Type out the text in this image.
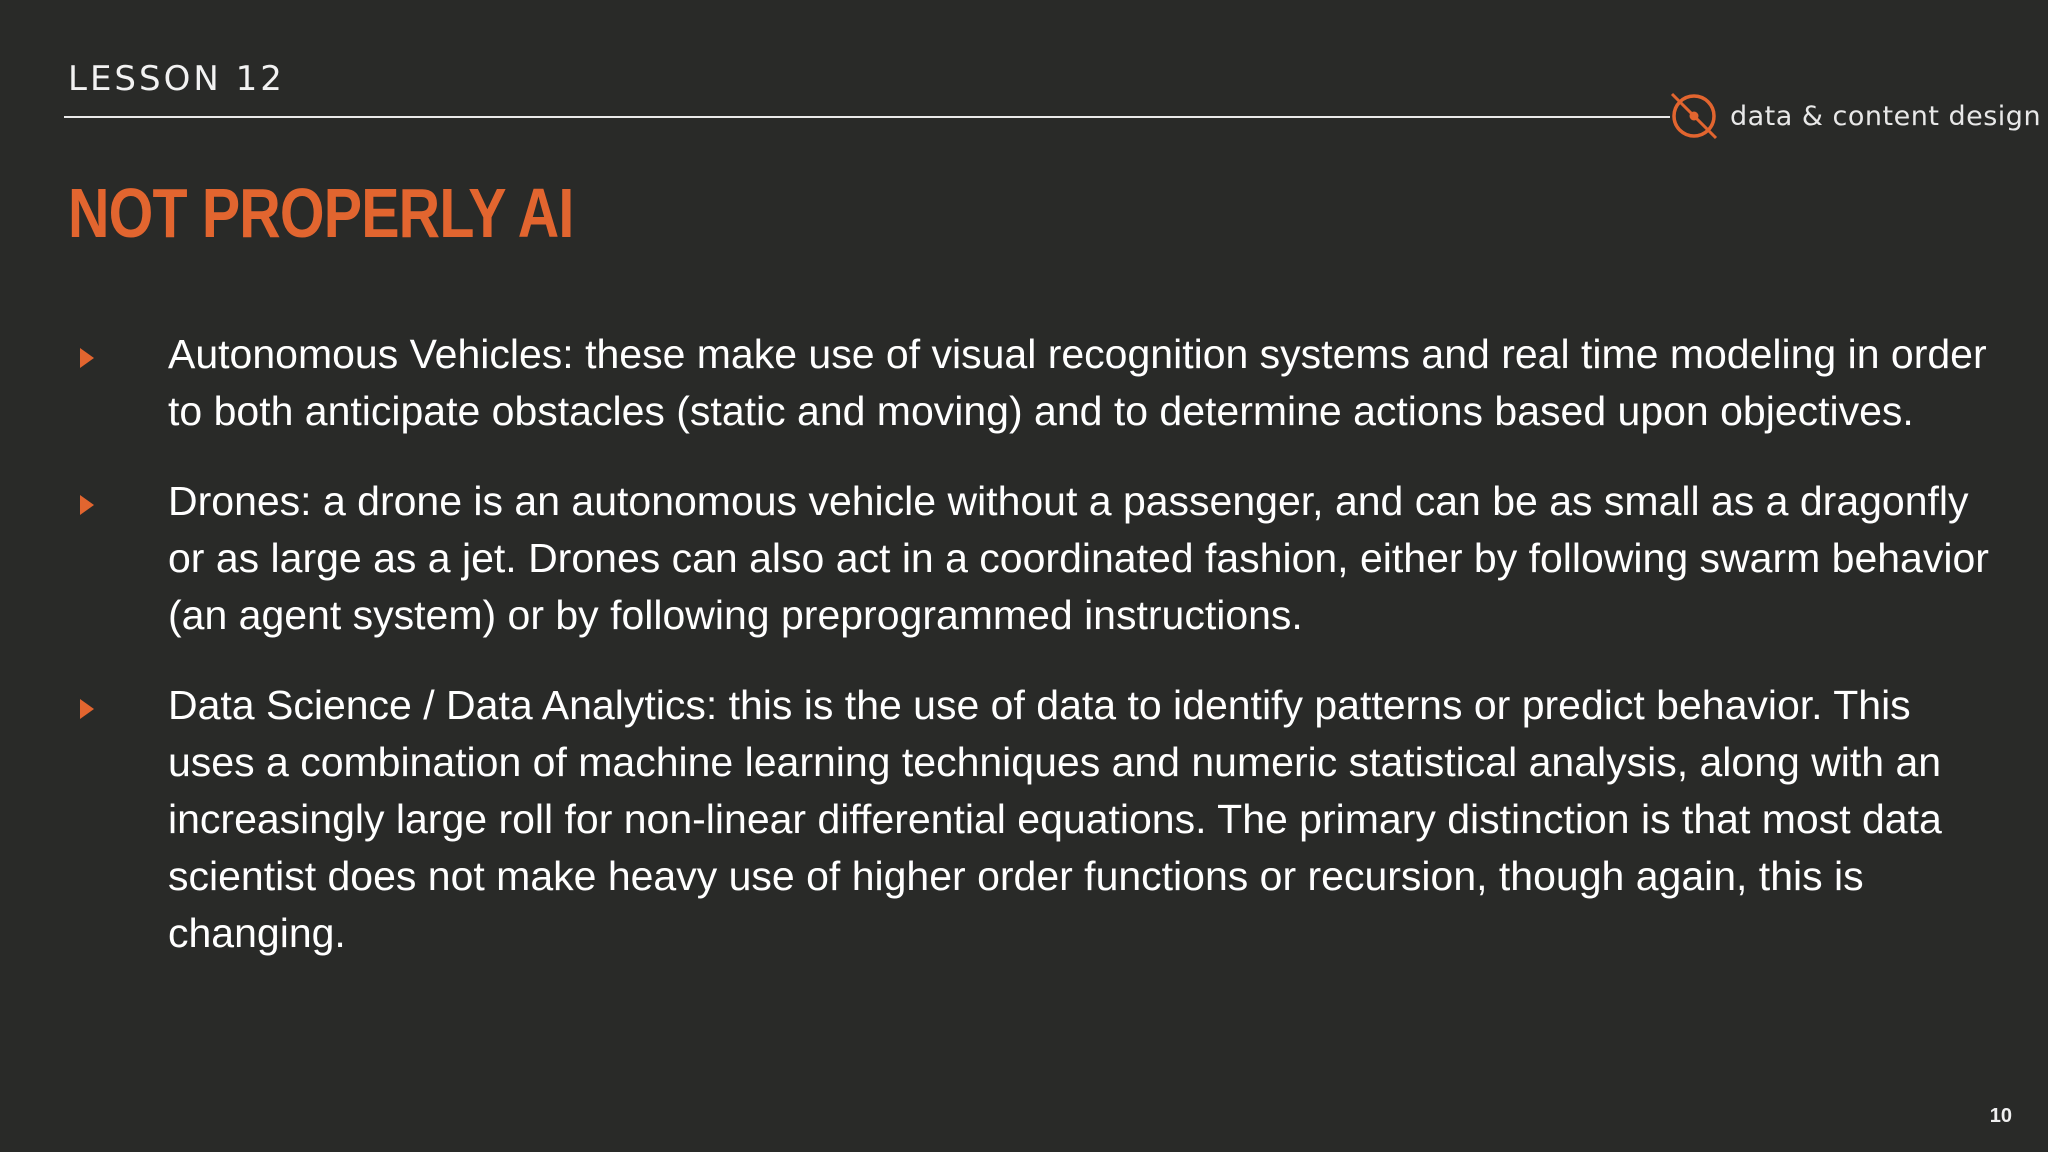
LESSON 12
data & content design
NOT PROPERLY AI
Autonomous Vehicles: these make use of visual recognition systems and real time modeling in order to both anticipate obstacles (static and moving) and to determine actions based upon objectives.
Drones: a drone is an autonomous vehicle without a passenger, and can be as small as a dragonfly or as large as a jet. Drones can also act in a coordinated fashion, either by following swarm behavior (an agent system) or by following preprogrammed instructions.
Data Science / Data Analytics: this is the use of data to identify patterns or predict behavior. This uses a combination of machine learning techniques and numeric statistical analysis, along with an increasingly large roll for non-linear differential equations. The primary distinction is that most data scientist does not make heavy use of higher order functions or recursion, though again, this is changing.
10
